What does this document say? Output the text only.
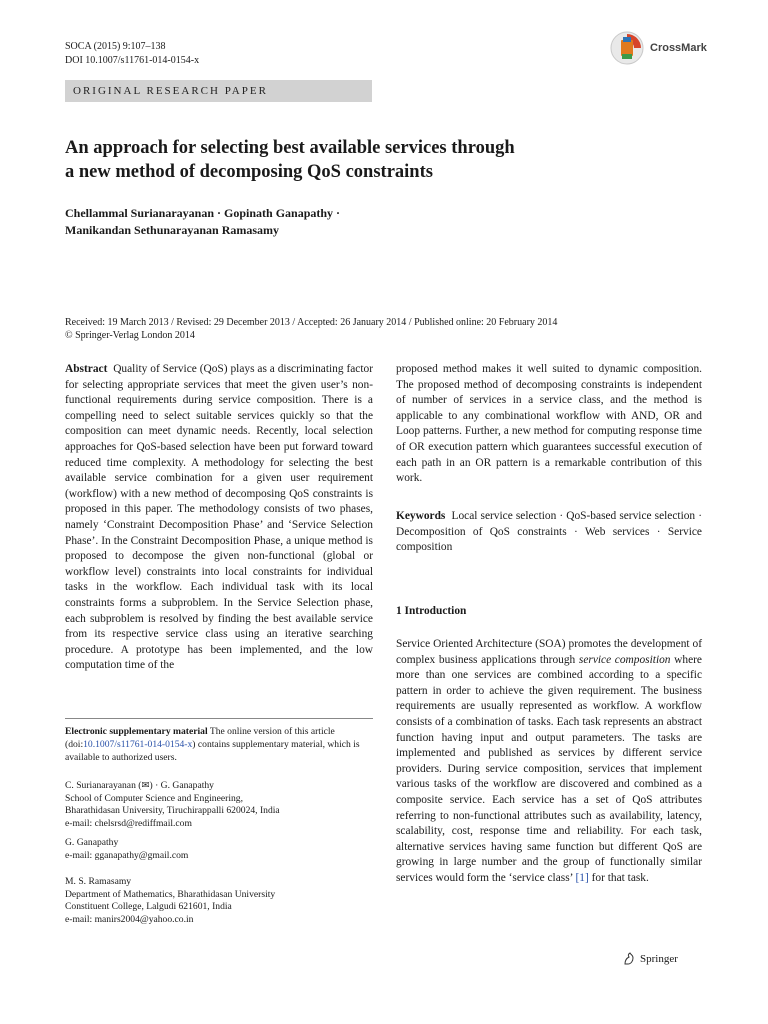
SOCA (2015) 9:107–138
DOI 10.1007/s11761-014-0154-x
CrossMark
ORIGINAL RESEARCH PAPER
An approach for selecting best available services through
a new method of decomposing QoS constraints
Chellammal Surianarayanan · Gopinath Ganapathy ·
Manikandan Sethunarayanan Ramasamy
Received: 19 March 2013 / Revised: 29 December 2013 / Accepted: 26 January 2014 / Published online: 20 February 2014
© Springer-Verlag London 2014
Abstract Quality of Service (QoS) plays as a discriminating factor for selecting appropriate services that meet the given user’s non-functional requirements during service composition. There is a compelling need to select suitable services quickly so that the composition can meet dynamic needs. Recently, local selection approaches for QoS-based selection have been put forward toward reduced time complexity. A methodology for selecting the best available service combination for a given user requirement (workflow) with a new method of decomposing QoS constraints is proposed in this paper. The methodology consists of two phases, namely ‘Constraint Decomposition Phase’ and ‘Service Selection Phase’. In the Constraint Decomposition Phase, a unique method is proposed to decompose the given non-functional (global or workflow level) constraints into local constraints for individual tasks in the workflow. Each individual task with its local constraints forms a subproblem. In the Service Selection phase, each subproblem is resolved by finding the best available service from its respective service class using an iterative searching procedure. A prototype has been implemented, and the low computation time of the
proposed method makes it well suited to dynamic composition. The proposed method of decomposing constraints is independent of number of services in a service class, and the method is applicable to any combinational workflow with AND, OR and Loop patterns. Further, a new method for computing response time of OR execution pattern which guarantees successful execution of each path in an OR pattern is a remarkable contribution of this work.
Keywords Local service selection · QoS-based service selection · Decomposition of QoS constraints · Web services · Service composition
1 Introduction
Service Oriented Architecture (SOA) promotes the development of complex business applications through service composition where more than one services are combined according to a specific pattern in order to achieve the given requirement. The business requirements are usually represented as workflow. A workflow consists of a combination of tasks. Each task represents an abstract function having input and output parameters. The tasks are implemented and published as services by different service providers. During service composition, services that implement various tasks of the workflow are discovered and combined as a composite service. Each service has a set of QoS attributes referring to non-functional attributes such as availability, latency, scalability, cost, response time and reliability. For each task, alternative services having same function but different QoS are growing in large number and the group of functionally similar services would form the ‘service class’ [1] for that task.
Electronic supplementary material The online version of this article (doi:10.1007/s11761-014-0154-x) contains supplementary material, which is available to authorized users.
C. Surianarayanan (✉) · G. Ganapathy
School of Computer Science and Engineering,
Bharathidasan University, Tiruchirappalli 620024, India
e-mail: chelsrsd@rediffmail.com
G. Ganapathy
e-mail: gganapathy@gmail.com
M. S. Ramasamy
Department of Mathematics, Bharathidasan University
Constituent College, Lalgudi 621601, India
e-mail: manirs2004@yahoo.co.in
Springer
